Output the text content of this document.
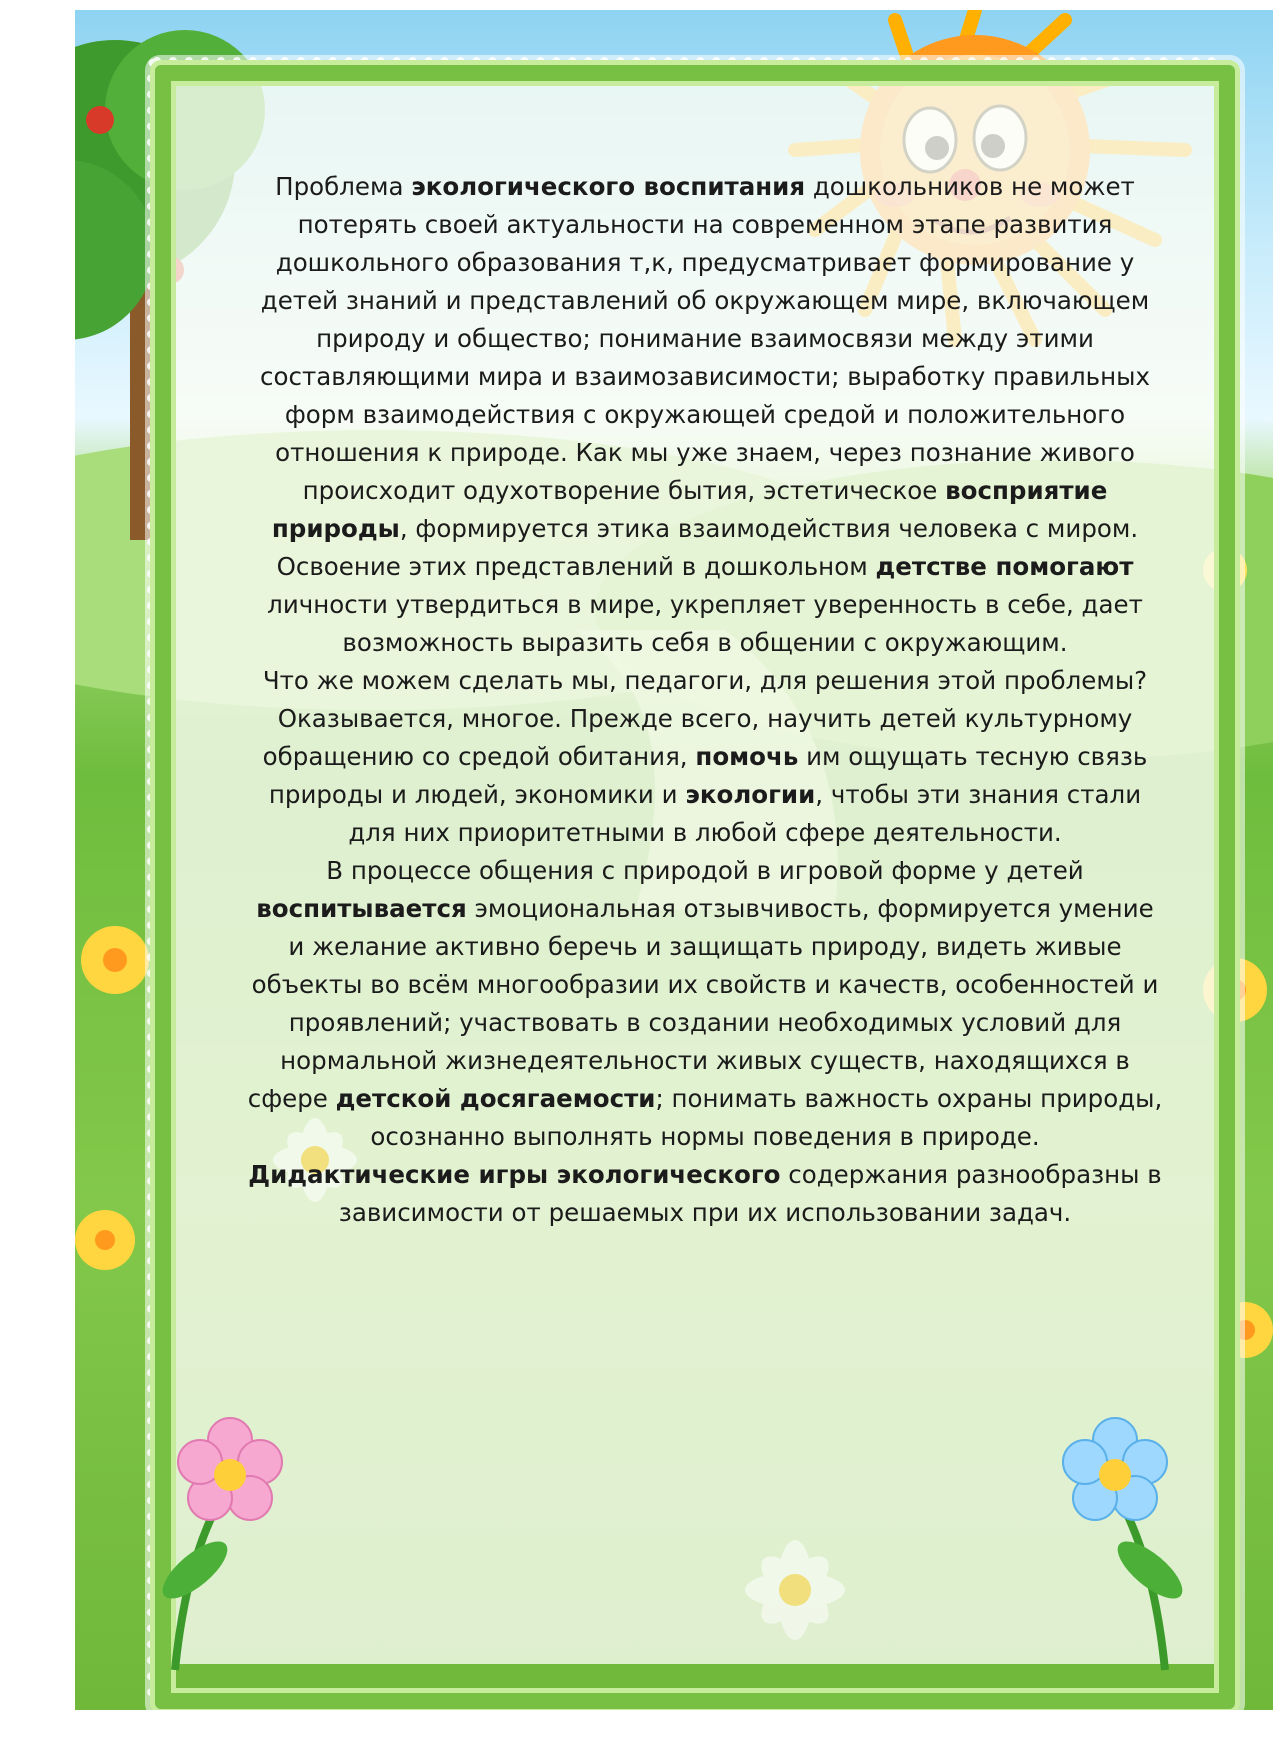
Проблема экологического воспитания дошкольников не может потерять своей актуальности на современном этапе развития дошкольного образования т,к, предусматривает формирование у детей знаний и представлений об окружающем мире, включающем природу и общество; понимание взаимосвязи между этими составляющими мира и взаимозависимости; выработку правильных форм взаимодействия с окружающей средой и положительного отношения к природе. Как мы уже знаем, через познание живого происходит одухотворение бытия, эстетическое восприятие природы, формируется этика взаимодействия человека с миром. Освоение этих представлений в дошкольном детстве помогают личности утвердиться в мире, укрепляет уверенность в себе, дает возможность выразить себя в общении с окружающим.

Что же можем сделать мы, педагоги, для решения этой проблемы? Оказывается, многое. Прежде всего, научить детей культурному обращению со средой обитания, помочь им ощущать тесную связь природы и людей, экономики и экологии, чтобы эти знания стали для них приоритетными в любой сфере деятельности.

В процессе общения с природой в игровой форме у детей воспитывается эмоциональная отзывчивость, формируется умение и желание активно беречь и защищать природу, видеть живые объекты во всём многообразии их свойств и качеств, особенностей и проявлений; участвовать в создании необходимых условий для нормальной жизнедеятельности живых существ, находящихся в сфере детской досягаемости; понимать важность охраны природы, осознанно выполнять нормы поведения в природе.

Дидактические игры экологического содержания разнообразны в зависимости от решаемых при их использовании задач.
